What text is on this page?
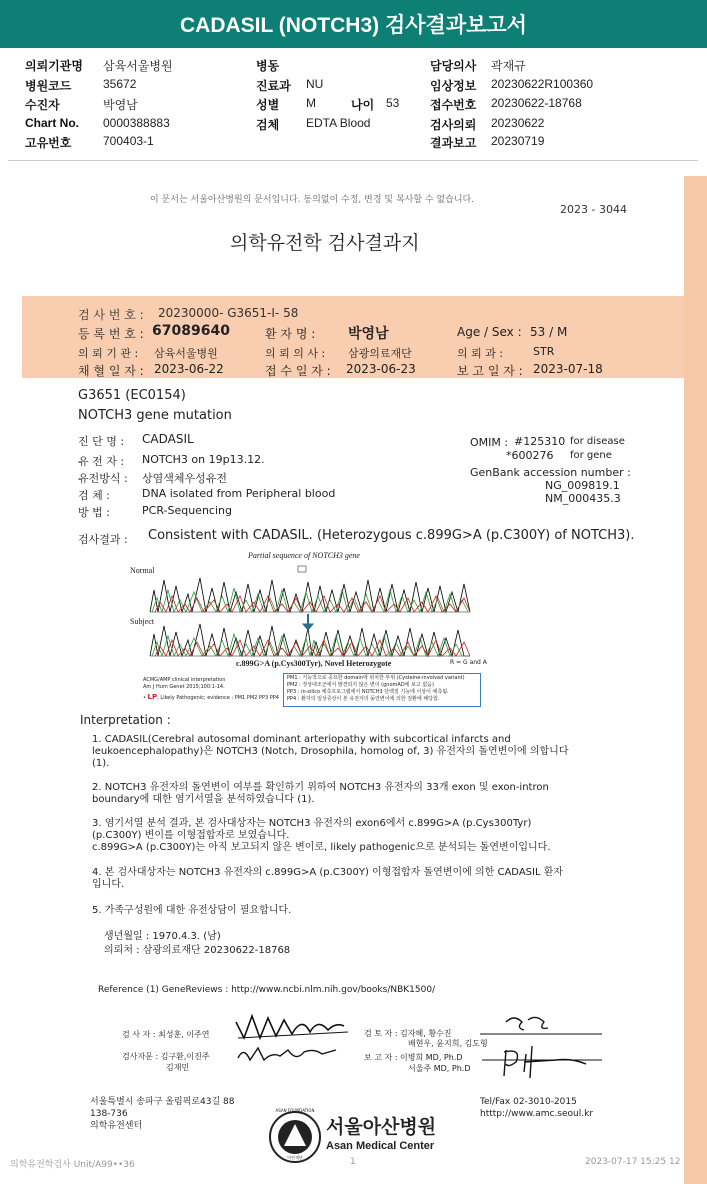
CADASIL (NOTCH3) 검사결과보고서
의뢰기관명 삼육서울병원
병원코드	35672
수진자	박영남
Chart No. 0000388883
고유번호	700403-1
병동
진료과 NU
성별 M	나이 53
검체 EDTA Blood
담당의사 곽재규
임상정보 20230622R100360
접수번호 20230622-18768
검사의뢰 20230622
결과보고 20230719
이 문서는 서울아산병원의 문서입니다. 동의없이 수정, 변경 및 복사할 수 없습니다.
2023 - 3044
의학유전학 검사결과지
검 사 번 호 : 20230000- G3651-I- 58
등 록 번 호 : 67089640	환 자 명 : 박영남	Age / Sex : 53 / M
의 뢰 기 관 : 삼육서울병원	의 뢰 의 사 : 삼광의료재단	의 뢰 과 :	STR
채 혈 일 자 : 2023-06-22	접 수 일 자 : 2023-06-23	보 고 일 자 : 2023-07-18
G3651 (EC0154)
NOTCH3 gene mutation
진 단 명 : CADASIL
유 전 자 : NOTCH3 on 19p13.12.
유전방식 : 상염색체우성유전
검 체 :	DNA isolated from Peripheral blood
방 법 :	PCR-Sequencing
OMIM : #125310 for disease
*600276 for gene
GenBank accession number :
NG_009819.1
NM_000435.3
검사결과 : Consistent with CADASIL. (Heterozygous c.899G>A (p.C300Y) of NOTCH3).
Partial sequence of NOTCH3 gene
Normal
Subject
c.899G>A (p.Cys300Tyr), Novel Heterozygote	R = G and A
ACMG/AMP clinical interpretation
Am J Hum Genet 2015;100:1-14.
• LP; Likely Pathogenic; evidence : PM1 PM2 PP3 PP4
PM1 : 기능적으로 중요한 domain에 위치한 부위 (Cysteine-involved variant)
PM2 : 정상대조군에서 발견되지 않은 변이 (gnomAD에 보고 없음)
PP3 : in-silico 예측프로그램에서 NOTCH3 단백질 기능에 이상이 예측됨.
PP4 : 환자의 임상증상이 본 유전자의 돌연변이에 의한 질환에 해당함.
Interpretation :
1. CADASIL(Cerebral autosomal dominant arteriopathy with subcortical infarcts and
leukoencephalopathy)은 NOTCH3 (Notch, Drosophila, homolog of, 3) 유전자의 돌연변이에 의합니다
(1).
2. NOTCH3 유전자의 돌연변이 여부를 확인하기 위하여 NOTCH3 유전자의 33개 exon 및 exon-intron
boundary에 대한 염기서열을 분석하였습니다 (1).
3. 염기서열 분석 결과, 본 검사대상자는 NOTCH3 유전자의 exon6에서 c.899G>A (p.Cys300Tyr)
(p.C300Y) 변이를 이형접합자로 보였습니다.
c.899G>A (p.C300Y)는 아직 보고되지 않은 변이로, likely pathogenic으로 분석되는 돌연변이입니다.
4. 본 검사대상자는 NOTCH3 유전자의 c.899G>A (p.C300Y) 이형접합자 돌연변이에 의한 CADASIL 환자
입니다.
5. 가족구성원에 대한 유전상담이 필요합니다.
생년월일 : 1970.4.3. (남)
의뢰처 : 삼광의료재단 20230622-18768
Reference (1) GeneReviews : http://www.ncbi.nlm.nih.gov/books/NBK1500/
검 사 자 : 최성훈, 이주연
검사자문 : 김구환,이진주
김재민
검 토 자 : 김자혜, 황수진
배현우, 윤지희, 김도형
보 고 자 : 이병희 MD, Ph.D
서울주 MD, Ph.D
서울특별시 송파구 올림픽로43길 88
138-736
의학유전센터
Tel/Fax 02-3010-2015
htttp://www.amc.seoul.kr
ASAN FOUNDATION
아산재단
서울아산병원
Asan Medical Center
의학유전학검사 Unit/A99••36	1	2023-07-17 15:25 12
